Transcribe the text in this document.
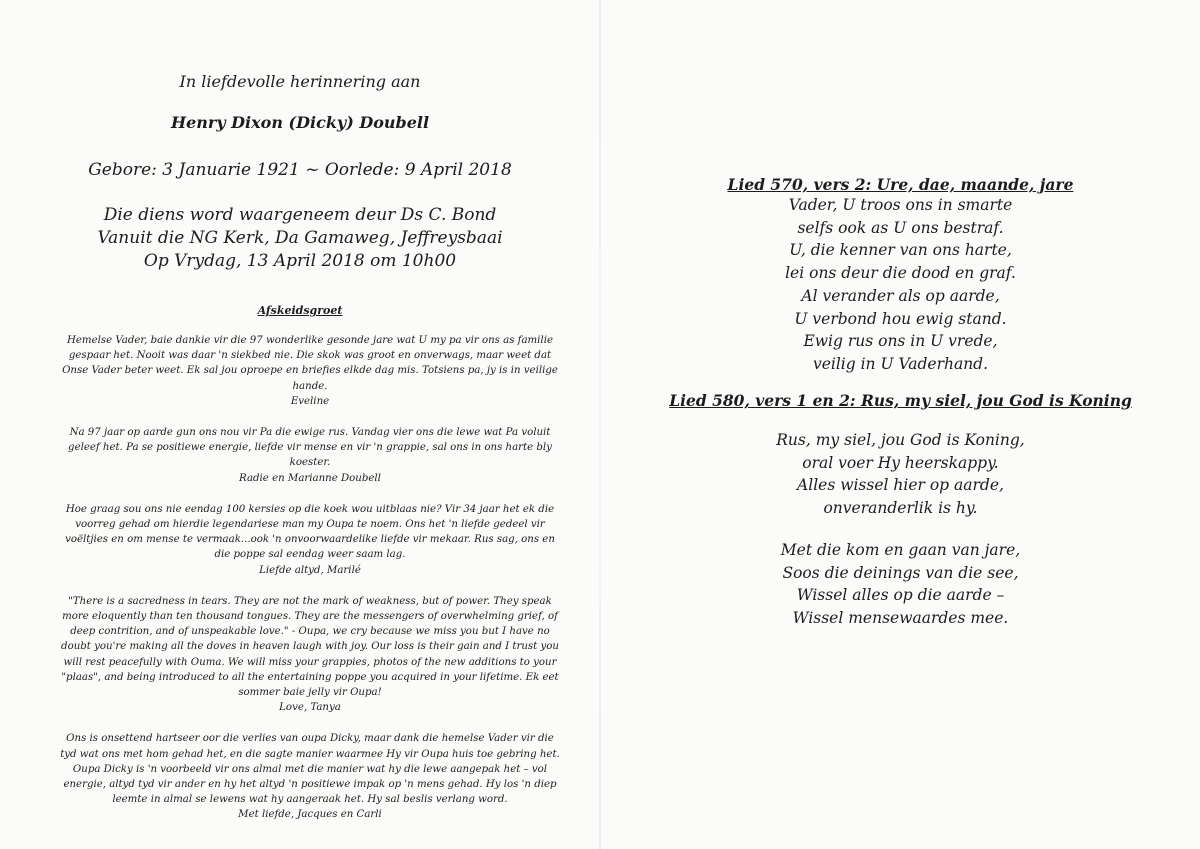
In liefdevolle herinnering aan
Henry Dixon (Dicky) Doubell
Gebore: 3 Januarie 1921 ~ Oorlede: 9 April 2018
Die diens word waargeneem deur Ds C. Bond
Vanuit die NG Kerk, Da Gamaweg, Jeffreysbaai
Op Vrydag, 13 April 2018 om 10h00
Afskeidsgroet
Hemelse Vader, baie dankie vir die 97 wonderlike gesonde jare wat U my pa vir ons as familie gespaar het. Nooit was daar 'n siekbed nie. Die skok was groot en onverwags, maar weet dat Onse Vader beter weet. Ek sal jou oproepe en briefies elkde dag mis. Totsiens pa, jy is in veilige hande.
Eveline
Na 97 jaar op aarde gun ons nou vir Pa die ewige rus. Vandag vier ons die lewe wat Pa voluit geleef het. Pa se positiewe energie, liefde vir mense en vir 'n grappie, sal ons in ons harte bly koester.
Radie en Marianne Doubell
Hoe graag sou ons nie eendag 100 kersies op die koek wou uitblaas nie? Vir 34 jaar het ek die voorreg gehad om hierdie legendariese man my Oupa te noem. Ons het 'n liefde gedeel vir voëltjies en om mense te vermaak...ook 'n onvoorwaardelike liefde vir mekaar. Rus sag, ons en die poppe sal eendag weer saam lag.
Liefde altyd, Marilé
"There is a sacredness in tears. They are not the mark of weakness, but of power. They speak more eloquently than ten thousand tongues. They are the messengers of overwhelming grief, of deep contrition, and of unspeakable love." - Oupa, we cry because we miss you but I have no doubt you're making all the doves in heaven laugh with joy. Our loss is their gain and I trust you will rest peacefully with Ouma. We will miss your grappies, photos of the new additions to your "plaas", and being introduced to all the entertaining poppe you acquired in your lifetime. Ek eet sommer baie jelly vir Oupa!
Love, Tanya
Ons is onsettend hartseer oor die verlies van oupa Dicky, maar dank die hemelse Vader vir die tyd wat ons met hom gehad het, en die sagte manier waarmee Hy vir Oupa huis toe gebring het. Oupa Dicky is 'n voorbeeld vir ons almal met die manier wat hy die lewe aangepak het – vol energie, altyd tyd vir ander en hy het altyd 'n positiewe impak op 'n mens gehad. Hy los 'n diep leemte in almal se lewens wat hy aangeraak het. Hy sal beslis verlang word.
Met liefde, Jacques en Carli
Lied 570, vers 2: Ure, dae, maande, jare
Vader, U troos ons in smarte
selfs ook as U ons bestraf.
U, die kenner van ons harte,
lei ons deur die dood en graf.
Al verander als op aarde,
U verbond hou ewig stand.
Ewig rus ons in U vrede,
veilig in U Vaderhand.
Lied 580, vers 1 en 2: Rus, my siel, jou God is Koning
Rus, my siel, jou God is Koning,
oral voer Hy heerskappy.
Alles wissel hier op aarde,
onveranderlik is hy.
Met die kom en gaan van jare,
Soos die deinings van die see,
Wissel alles op die aarde –
Wissel mensewaardes mee.
